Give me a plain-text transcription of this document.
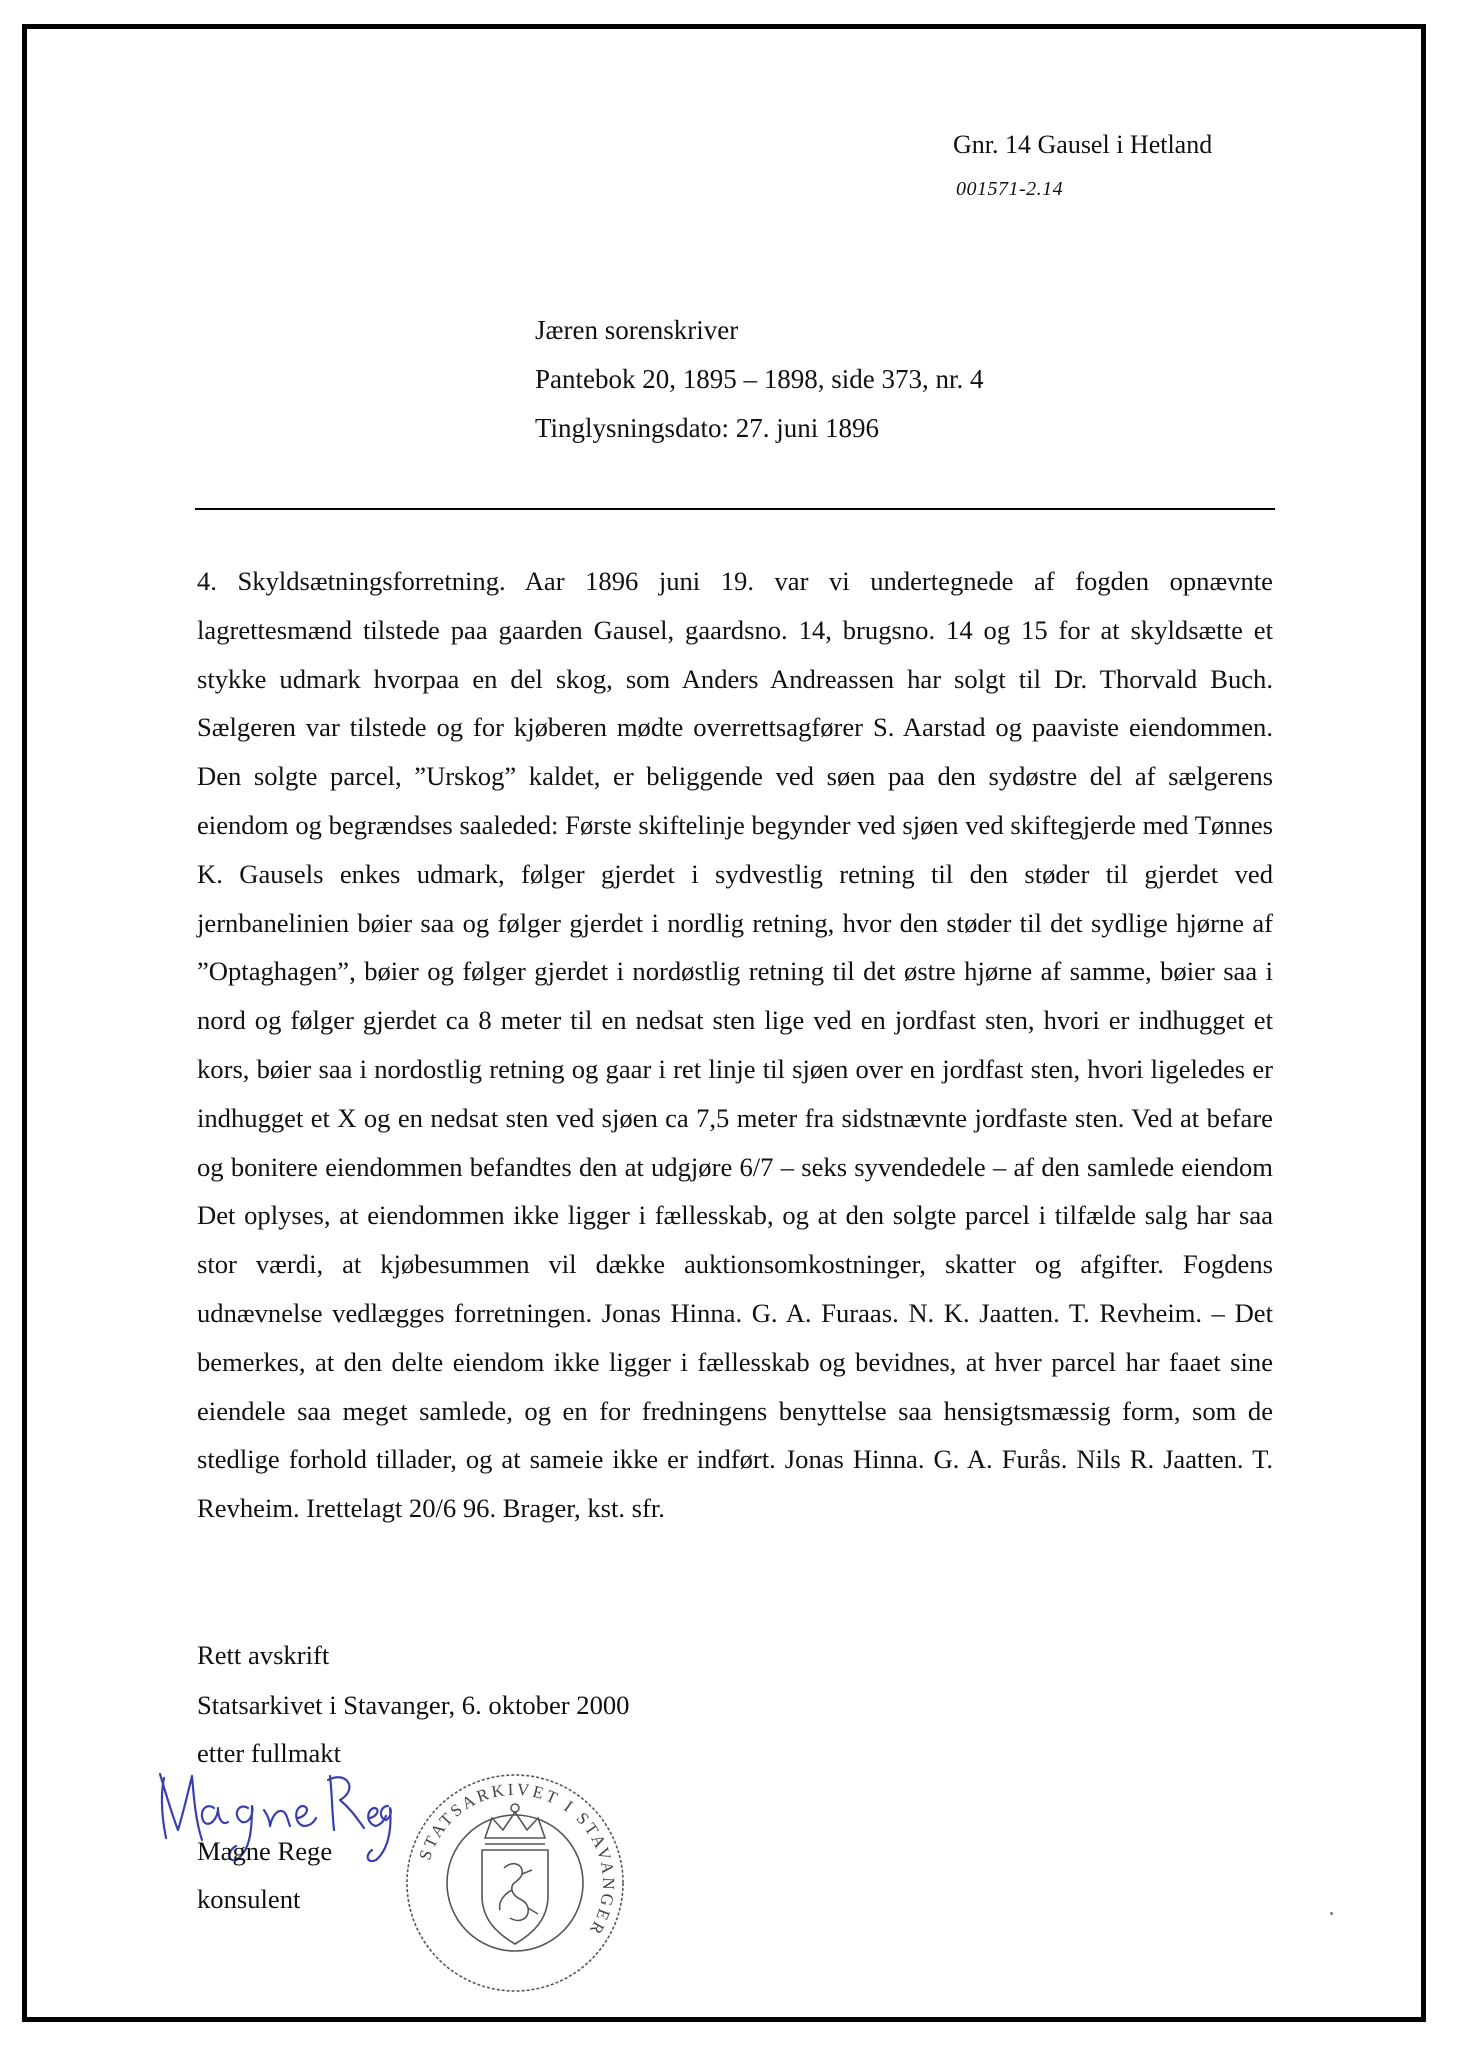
Gnr. 14 Gausel i Hetland
001571-2.14
Jæren sorenskriver
Pantebok 20, 1895 – 1898, side 373, nr. 4
Tinglysningsdato: 27. juni 1896

4. Skyldsætningsforretning. Aar 1896 juni 19. var vi undertegnede af fogden opnævnte lagrettesmænd tilstede paa gaarden Gausel, gaardsno. 14, brugsno. 14 og 15 for at skyldsætte et stykke udmark hvorpaa en del skog, som Anders Andreassen har solgt til Dr. Thorvald Buch. Sælgeren var tilstede og for kjøberen mødte overrettsagfører S. Aarstad og paaviste eiendommen. Den solgte parcel, ”Urskog” kaldet, er beliggende ved søen paa den sydøstre del af sælgerens eiendom og begrændses saaleded: Første skiftelinje begynder ved sjøen ved skiftegjerde med Tønnes K. Gausels enkes udmark, følger gjerdet i sydvestlig retning til den støder til gjerdet ved jernbanelinien bøier saa og følger gjerdet i nordlig retning, hvor den støder til det sydlige hjørne af ”Optaghagen”, bøier og følger gjerdet i nordøstlig retning til det østre hjørne af samme, bøier saa i nord og følger gjerdet ca 8 meter til en nedsat sten lige ved en jordfast sten, hvori er indhugget et kors, bøier saa i nordostlig retning og gaar i ret linje til sjøen over en jordfast sten, hvori ligeledes er indhugget et X og en nedsat sten ved sjøen ca 7,5 meter fra sidstnævnte jordfaste sten. Ved at befare og bonitere eiendommen befandtes den at udgjøre 6/7 – seks syvendedele – af den samlede eiendom Det oplyses, at eiendommen ikke ligger i fællesskab, og at den solgte parcel i tilfælde salg har saa stor værdi, at kjøbesummen vil dække auktionsomkostninger, skatter og afgifter. Fogdens udnævnelse vedlægges forretningen. Jonas Hinna. G. A. Furaas. N. K. Jaatten. T. Revheim. – Det bemerkes, at den delte eiendom ikke ligger i fællesskab og bevidnes, at hver parcel har faaet sine eiendele saa meget samlede, og en for fredningens benyttelse saa hensigtsmæssig form, som de stedlige forhold tillader, og at sameie ikke er indført. Jonas Hinna. G. A. Furås. Nils R. Jaatten. T. Revheim. Irettelagt 20/6 96. Brager, kst. sfr.

Rett avskrift
Statsarkivet i Stavanger, 6. oktober 2000
etter fullmakt
Magne Rege
konsulent
STATSARKIVET I STAVANGER
